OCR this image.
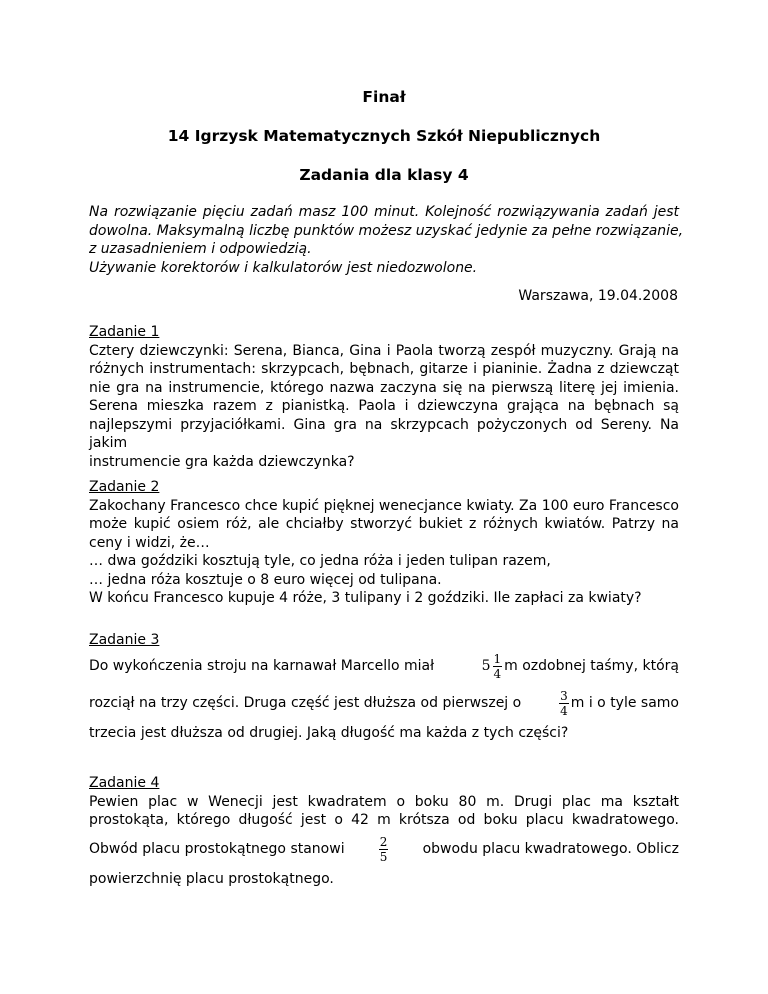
Finał
14 Igrzysk Matematycznych Szkół Niepublicznych
Zadania dla klasy 4
Na rozwiązanie pięciu zadań masz 100 minut. Kolejność rozwiązywania zadań jest
dowolna. Maksymalną liczbę punktów możesz uzyskać jedynie za pełne rozwiązanie,
z uzasadnieniem i odpowiedzią.
Używanie korektorów i kalkulatorów jest niedozwolone.
Warszawa, 19.04.2008
Zadanie 1
Cztery dziewczynki: Serena, Bianca, Gina i Paola tworzą zespół muzyczny. Grają na
różnych instrumentach: skrzypcach, bębnach, gitarze i pianinie. Żadna z dziewcząt
nie gra na instrumencie, którego nazwa zaczyna się na pierwszą literę jej imienia.
Serena mieszka razem z pianistką. Paola i dziewczyna grająca na bębnach są
najlepszymi przyjaciółkami. Gina gra na skrzypcach pożyczonych od Sereny. Na jakim
instrumencie gra każda dziewczynka?
Zadanie 2
Zakochany Francesco chce kupić pięknej wenecjance kwiaty. Za 100 euro Francesco
może kupić osiem róż, ale chciałby stworzyć bukiet z różnych kwiatów. Patrzy na
ceny i widzi, że…
… dwa goździki kosztują tyle, co jedna róża i jeden tulipan razem,
… jedna róża kosztuje o 8 euro więcej od tulipana.
W końcu Francesco kupuje 4 róże, 3 tulipany i 2 goździki. Ile zapłaci za kwiaty?
Zadanie 3
Do wykończenia stroju na karnawał Marcello miał	$5 \frac{1}{4}$ m ozdobnej taśmy, którą
rozciął na trzy części. Druga część jest dłuższa od pierwszej o	$\frac{3}{4}$ m i o tyle samo
trzecia jest dłuższa od drugiej. Jaką długość ma każda z tych części?
Zadanie 4
Pewien plac w Wenecji jest kwadratem o boku 80 m. Drugi plac ma kształt
prostokąta, którego długość jest o 42 m krótsza od boku placu kwadratowego.
Obwód placu prostokątnego stanowi	$\frac{2}{5}$ obwodu placu kwadratowego. Oblicz
powierzchnię placu prostokątnego.
